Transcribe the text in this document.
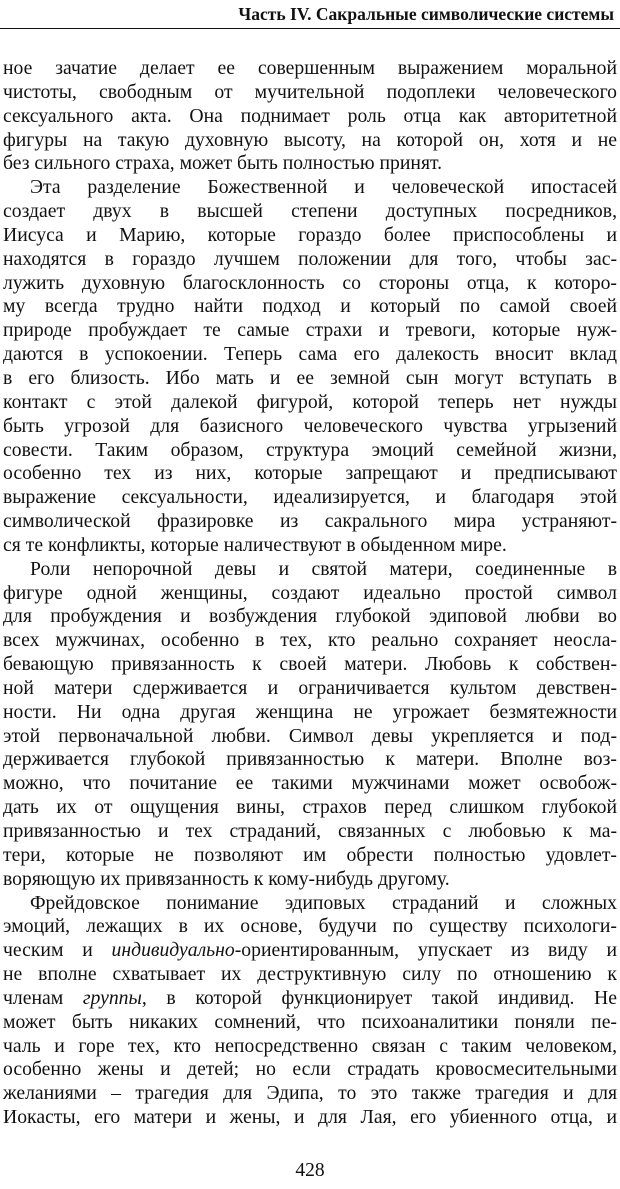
Часть IV. Сакральные символические системы
ное зачатие делает ее совершенным выражением моральной
чистоты, свободным от мучительной подоплеки человеческого
сексуального акта. Она поднимает роль отца как авторитетной
фигуры на такую духовную высоту, на которой он, хотя и не
без сильного страха, может быть полностью принят.
Эта разделение Божественной и человеческой ипостасей
создает двух в высшей степени доступных посредников,
Иисуса и Марию, которые гораздо более приспособлены и
находятся в гораздо лучшем положении для того, чтобы зас-
лужить духовную благосклонность со стороны отца, к которо-
му всегда трудно найти подход и который по самой своей
природе пробуждает те самые страхи и тревоги, которые нуж-
даются в успокоении. Теперь сама его далекость вносит вклад
в его близость. Ибо мать и ее земной сын могут вступать в
контакт с этой далекой фигурой, которой теперь нет нужды
быть угрозой для базисного человеческого чувства угрызений
совести. Таким образом, структура эмоций семейной жизни,
особенно тех из них, которые запрещают и предписывают
выражение сексуальности, идеализируется, и благодаря этой
символической фразировке из сакрального мира устраняют-
ся те конфликты, которые наличествуют в обыденном мире.
Роли непорочной девы и святой матери, соединенные в
фигуре одной женщины, создают идеально простой символ
для пробуждения и возбуждения глубокой эдиповой любви во
всех мужчинах, особенно в тех, кто реально сохраняет неосла-
бевающую привязанность к своей матери. Любовь к собствен-
ной матери сдерживается и ограничивается культом девствен-
ности. Ни одна другая женщина не угрожает безмятежности
этой первоначальной любви. Символ девы укрепляется и под-
держивается глубокой привязанностью к матери. Вполне воз-
можно, что почитание ее такими мужчинами может освобож-
дать их от ощущения вины, страхов перед слишком глубокой
привязанностью и тех страданий, связанных с любовью к ма-
тери, которые не позволяют им обрести полностью удовлет-
воряющую их привязанность к кому-нибудь другому.
Фрейдовское понимание эдиповых страданий и сложных
эмоций, лежащих в их основе, будучи по существу психологи-
ческим и индивидуально-ориентированным, упускает из виду и
не вполне схватывает их деструктивную силу по отношению к
членам группы, в которой функционирует такой индивид. Не
может быть никаких сомнений, что психоаналитики поняли пе-
чаль и горе тех, кто непосредственно связан с таким человеком,
особенно жены и детей; но если страдать кровосмесительными
желаниями – трагедия для Эдипа, то это также трагедия и для
Иокасты, его матери и жены, и для Лая, его убиенного отца, и
428
